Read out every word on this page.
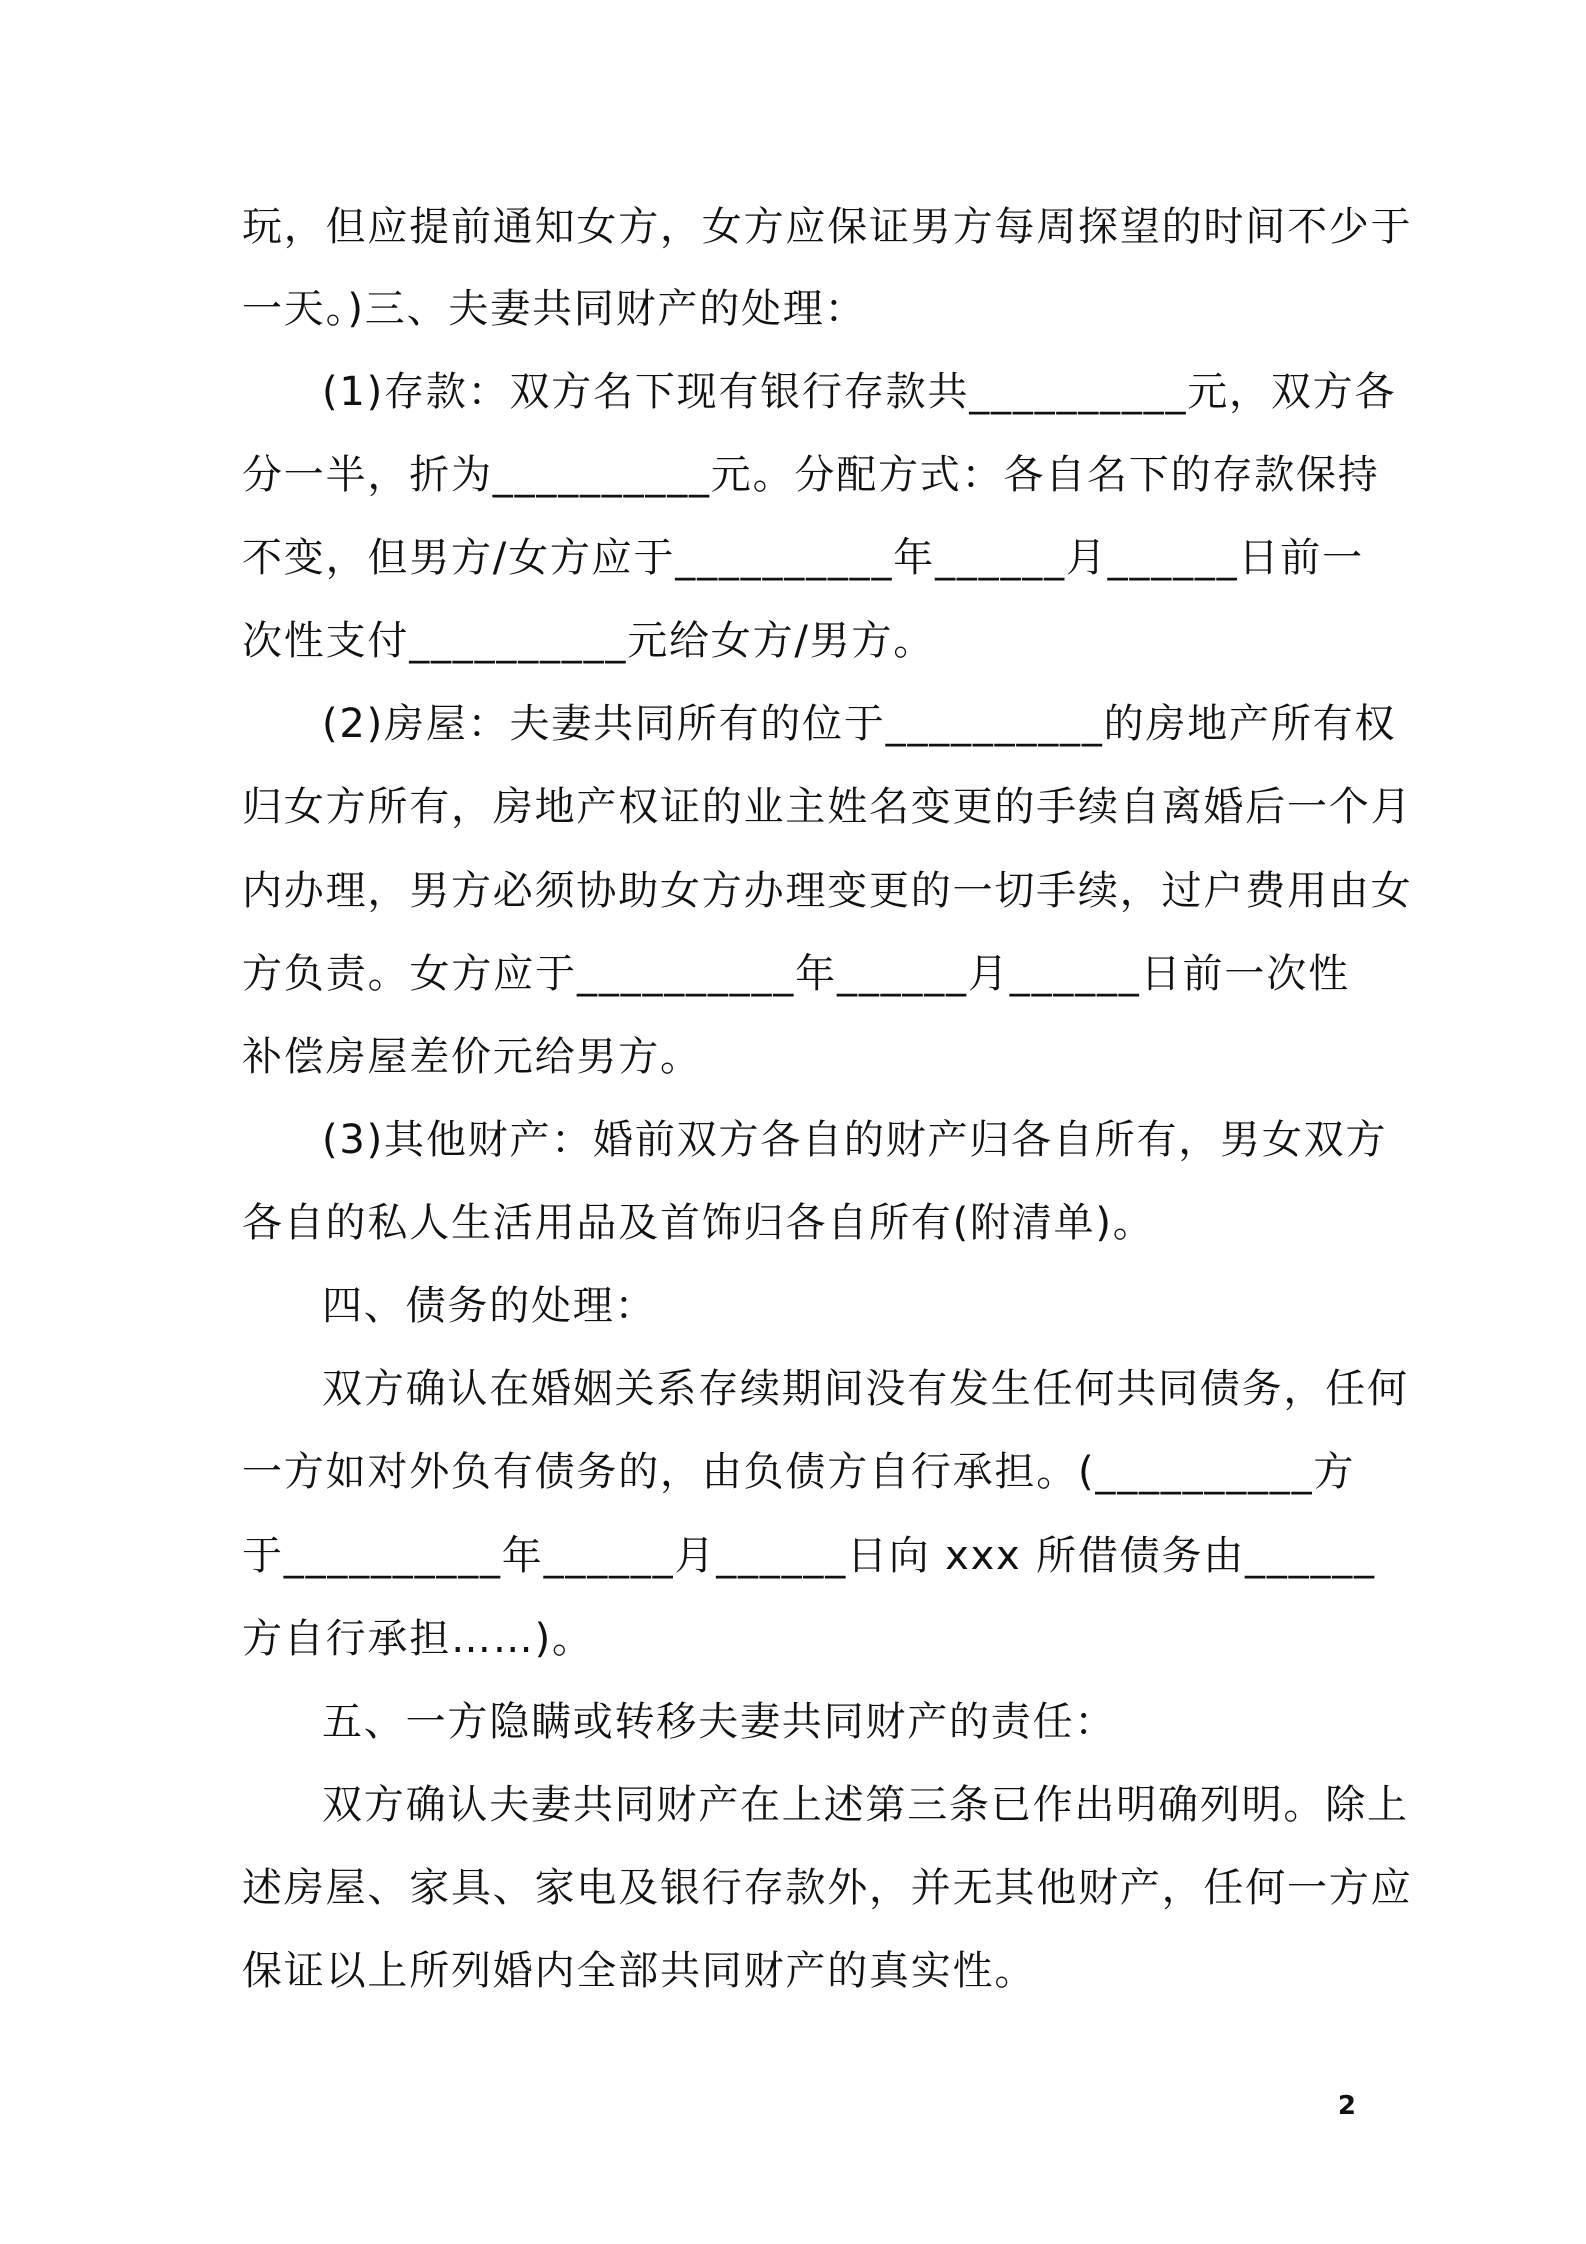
玩，但应提前通知女方，女方应保证男方每周探望的时间不少于
一天。)三、夫妻共同财产的处理：
(1)存款：双方名下现有银行存款共__________元，双方各
分一半，折为__________元。分配方式：各自名下的存款保持
不变，但男方/女方应于__________年______月______日前一
次性支付__________元给女方/男方。
(2)房屋：夫妻共同所有的位于__________的房地产所有权
归女方所有，房地产权证的业主姓名变更的手续自离婚后一个月
内办理，男方必须协助女方办理变更的一切手续，过户费用由女
方负责。女方应于__________年______月______日前一次性
补偿房屋差价元给男方。
(3)其他财产：婚前双方各自的财产归各自所有，男女双方
各自的私人生活用品及首饰归各自所有(附清单)。
四、债务的处理：
双方确认在婚姻关系存续期间没有发生任何共同债务，任何
一方如对外负有债务的，由负债方自行承担。(__________方
于__________年______月______日向 xxx 所借债务由______
方自行承担……)。
五、一方隐瞒或转移夫妻共同财产的责任：
双方确认夫妻共同财产在上述第三条已作出明确列明。除上
述房屋、家具、家电及银行存款外，并无其他财产，任何一方应
保证以上所列婚内全部共同财产的真实性。
2
